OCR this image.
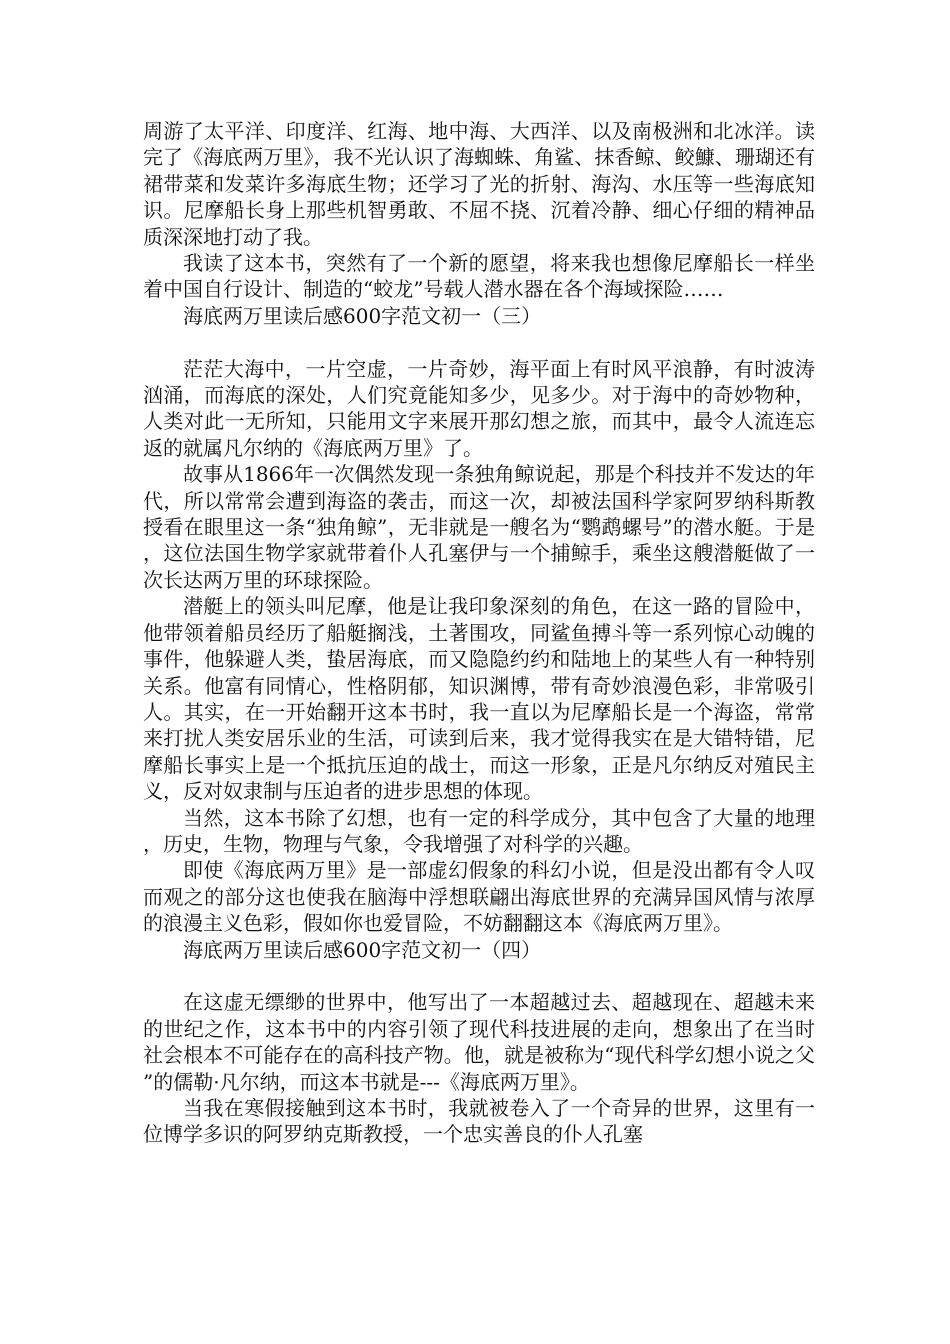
周游了太平洋、印度洋、红海、地中海、大西洋、以及南极洲和北冰洋。读完了《海底两万里》，我不光认识了海蜘蛛、角鲨、抹香鲸、鲛鱇、珊瑚还有裙带菜和发菜许多海底生物；还学习了光的折射、海沟、水压等一些海底知识。尼摩船长身上那些机智勇敢、不屈不挠、沉着冷静、细心仔细的精神品质深深地打动了我。

我读了这本书，突然有了一个新的愿望，将来我也想像尼摩船长一样坐着中国自行设计、制造的“蛟龙”号载人潜水器在各个海域探险……

海底两万里读后感600字范文初一（三）

茫茫大海中，一片空虚，一片奇妙，海平面上有时风平浪静，有时波涛汹涌，而海底的深处，人们究竟能知多少，见多少。对于海中的奇妙物种，人类对此一无所知，只能用文字来展开那幻想之旅，而其中，最令人流连忘返的就属凡尔纳的《海底两万里》了。

故事从1866年一次偶然发现一条独角鲸说起，那是个科技并不发达的年代，所以常常会遭到海盗的袭击，而这一次，却被法国科学家阿罗纳科斯教授看在眼里这一条“独角鲸”，无非就是一艘名为“鹦鹉螺号”的潜水艇。于是，这位法国生物学家就带着仆人孔塞伊与一个捕鲸手，乘坐这艘潜艇做了一次长达两万里的环球探险。

潜艇上的领头叫尼摩，他是让我印象深刻的角色，在这一路的冒险中，他带领着船员经历了船艇搁浅，土著围攻，同鲨鱼搏斗等一系列惊心动魄的事件，他躲避人类，蛰居海底，而又隐隐约约和陆地上的某些人有一种特别关系。他富有同情心，性格阴郁，知识渊博，带有奇妙浪漫色彩，非常吸引人。其实，在一开始翻开这本书时，我一直以为尼摩船长是一个海盗，常常来打扰人类安居乐业的生活，可读到后来，我才觉得我实在是大错特错，尼摩船长事实上是一个抵抗压迫的战士，而这一形象，正是凡尔纳反对殖民主义，反对奴隶制与压迫者的进步思想的体现。

当然，这本书除了幻想，也有一定的科学成分，其中包含了大量的地理，历史，生物，物理与气象，令我增强了对科学的兴趣。

即使《海底两万里》是一部虚幻假象的科幻小说，但是没出都有令人叹而观之的部分这也使我在脑海中浮想联翩出海底世界的充满异国风情与浓厚的浪漫主义色彩，假如你也爱冒险，不妨翻翻这本《海底两万里》。

海底两万里读后感600字范文初一（四）

在这虚无缥缈的世界中，他写出了一本超越过去、超越现在、超越未来的世纪之作，这本书中的内容引领了现代科技进展的走向，想象出了在当时社会根本不可能存在的高科技产物。他，就是被称为“现代科学幻想小说之父”的儒勒·凡尔纳，而这本书就是---《海底两万里》。

当我在寒假接触到这本书时，我就被卷入了一个奇异的世界，这里有一位博学多识的阿罗纳克斯教授，一个忠实善良的仆人孔塞
